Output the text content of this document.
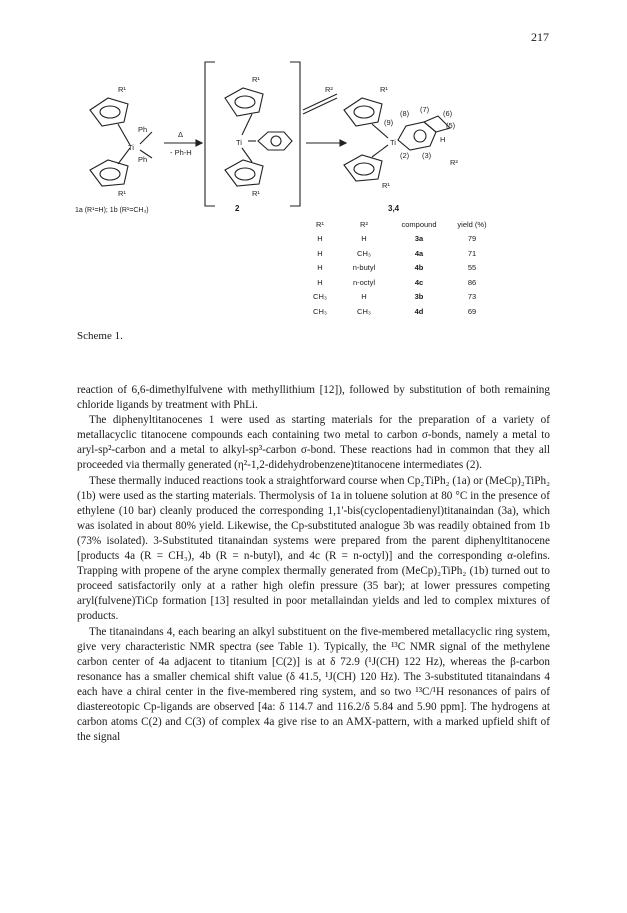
217
R¹
Ph
Ti
Ph
R¹
Δ
- Ph-H
R¹
Ti
R¹
R²	R¹
Ti
R¹
H
R²
(8) (7) (6)
(9)	(5)
(2) (3)
1a (R¹=H); 1b (R¹=CH₃)	2	3,4
R¹	R²	compound	yield (%)
H	H	3a	79
H	CH₃	4a	71
H	n-butyl	4b	55
H	n-octyl	4c	86
CH₃	H	3b	73
CH₃	CH₃	4d	69
Scheme 1.

reaction of 6,6-dimethylfulvene with methyllithium [12]), followed by substitution of both remaining chloride ligands by treatment with PhLi.

The diphenyltitanocenes 1 were used as starting materials for the preparation of a variety of metallacyclic titanocene compounds each containing two metal to carbon σ-bonds, namely a metal to aryl-sp²-carbon and a metal to alkyl-sp³-carbon σ-bond. These reactions had in common that they all proceeded via thermally generated (η²-1,2-didehydrobenzene)titanocene intermediates (2).

These thermally induced reactions took a straightforward course when Cp₂TiPh₂ (1a) or (MeCp)₂TiPh₂ (1b) were used as the starting materials. Thermolysis of 1a in toluene solution at 80 °C in the presence of ethylene (10 bar) cleanly produced the corresponding 1,1'-bis(cyclopentadienyl)titanaindan (3a), which was isolated in about 80% yield. Likewise, the Cp-substituted analogue 3b was readily obtained from 1b (73% isolated). 3-Substituted titanaindan systems were prepared from the parent diphenyltitanocene [products 4a (R = CH₃), 4b (R = n-butyl), and 4c (R = n-octyl)] and the corresponding α-olefins. Trapping with propene of the aryne complex thermally generated from (MeCp)₂TiPh₂ (1b) turned out to proceed satisfactorily only at a rather high olefin pressure (35 bar); at lower pressures competing aryl(fulvene)TiCp formation [13] resulted in poor metallaindan yields and led to complex mixtures of products.

The titanaindans 4, each bearing an alkyl substituent on the five-membered metallacyclic ring system, give very characteristic NMR spectra (see Table 1). Typically, the ¹³C NMR signal of the methylene carbon center of 4a adjacent to titanium [C(2)] is at δ 72.9 (¹J(CH) 122 Hz), whereas the β-carbon resonance has a smaller chemical shift value (δ 41.5, ¹J(CH) 120 Hz). The 3-substituted titanaindans 4 each have a chiral center in the five-membered ring system, and so two ¹³C/¹H resonances of pairs of diastereotopic Cp-ligands are observed [4a: δ 114.7 and 116.2/δ 5.84 and 5.90 ppm]. The hydrogens at carbon atoms C(2) and C(3) of complex 4a give rise to an AMX-pattern, with a marked upfield shift of the signal
